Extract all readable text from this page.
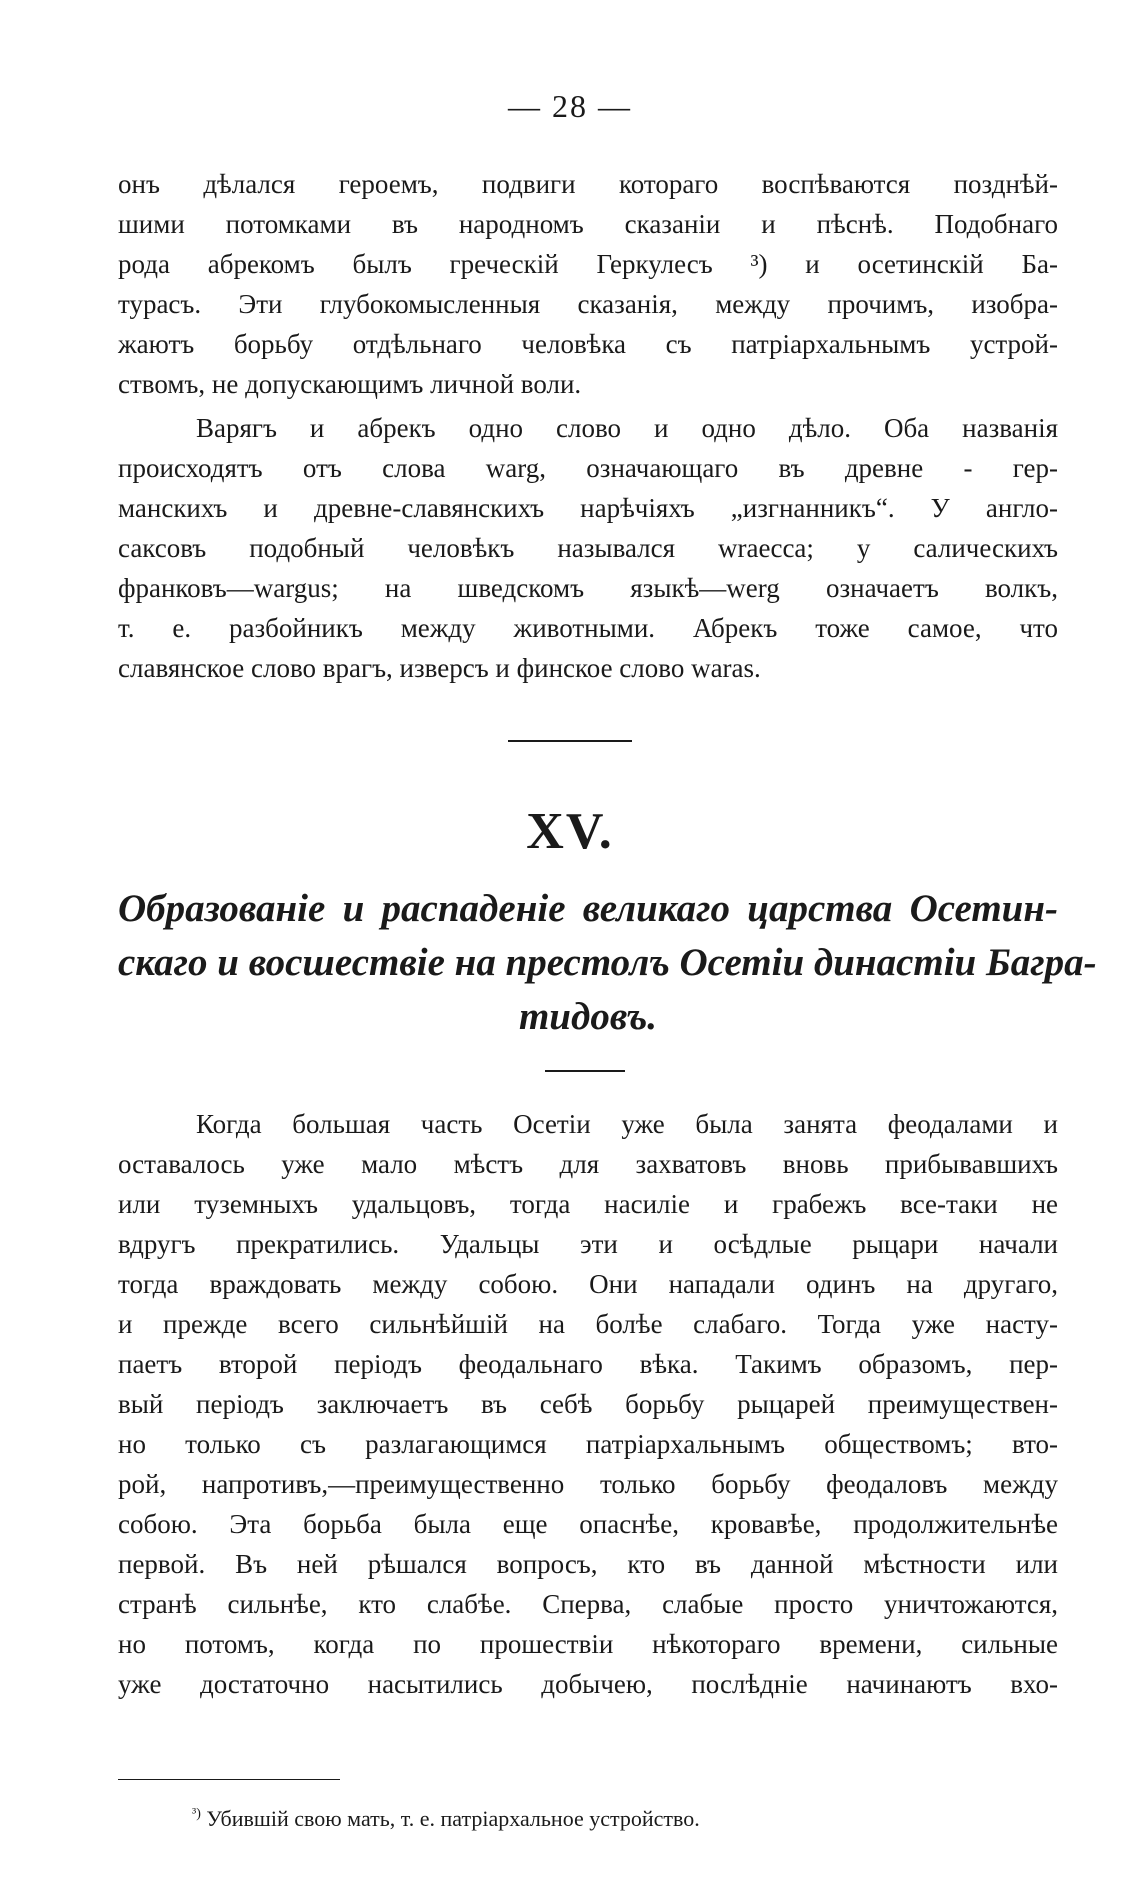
— 28 —
онъ дѣлался героемъ, подвиги котораго воспѣваются позднѣй-
шими потомками въ народномъ сказаніи и пѣснѣ. Подобнаго
рода абрекомъ былъ греческій Геркулесъ ³) и осетинскій Ба-
турасъ. Эти глубокомысленныя сказанія, между прочимъ, изобра-
жаютъ борьбу отдѣльнаго человѣка съ патріархальнымъ устрой-
ствомъ, не допускающимъ личной воли.
Варягъ и абрекъ одно слово и одно дѣло. Оба названія
происходятъ отъ слова warg, означающаго въ древне - гер-
манскихъ и древне-славянскихъ нарѣчіяхъ „изгнанникъ“. У англо-
саксовъ подобный человѣкъ назывался wraecca; у салическихъ
франковъ—wargus; на шведскомъ языкѣ—werg означаетъ волкъ,
т. е. разбойникъ между животными. Абрекъ тоже самое, что
славянское слово врагъ, изверсъ и финское слово waras.
XV.
Образованіе и распаденіе великаго царства Осетин-
скаго и восшествіе на престолъ Осетіи династіи Багра-
тидовъ.
Когда большая часть Осетіи уже была занята феодалами и
оставалось уже мало мѣстъ для захватовъ вновь прибывавшихъ
или туземныхъ удальцовъ, тогда насиліе и грабежъ все-таки не
вдругъ прекратились. Удальцы эти и осѣдлые рыцари начали
тогда враждовать между собою. Они нападали одинъ на другаго,
и прежде всего сильнѣйшій на болѣе слабаго. Тогда уже насту-
паетъ второй періодъ феодальнаго вѣка. Такимъ образомъ, пер-
вый періодъ заключаетъ въ себѣ борьбу рыцарей преимуществен-
но только съ разлагающимся патріархальнымъ обществомъ; вто-
рой, напротивъ,—преимущественно только борьбу феодаловъ между
собою. Эта борьба была еще опаснѣе, кровавѣе, продолжительнѣе
первой. Въ ней рѣшался вопросъ, кто въ данной мѣстности или
странѣ сильнѣе, кто слабѣе. Сперва, слабые просто уничтожаются,
но потомъ, когда по прошествіи нѣкотораго времени, сильные
уже достаточно насытились добычею, послѣдніе начинаютъ вхо-
$^{^3)}$ Убившій свою мать, т. е. патріархальное устройство.
